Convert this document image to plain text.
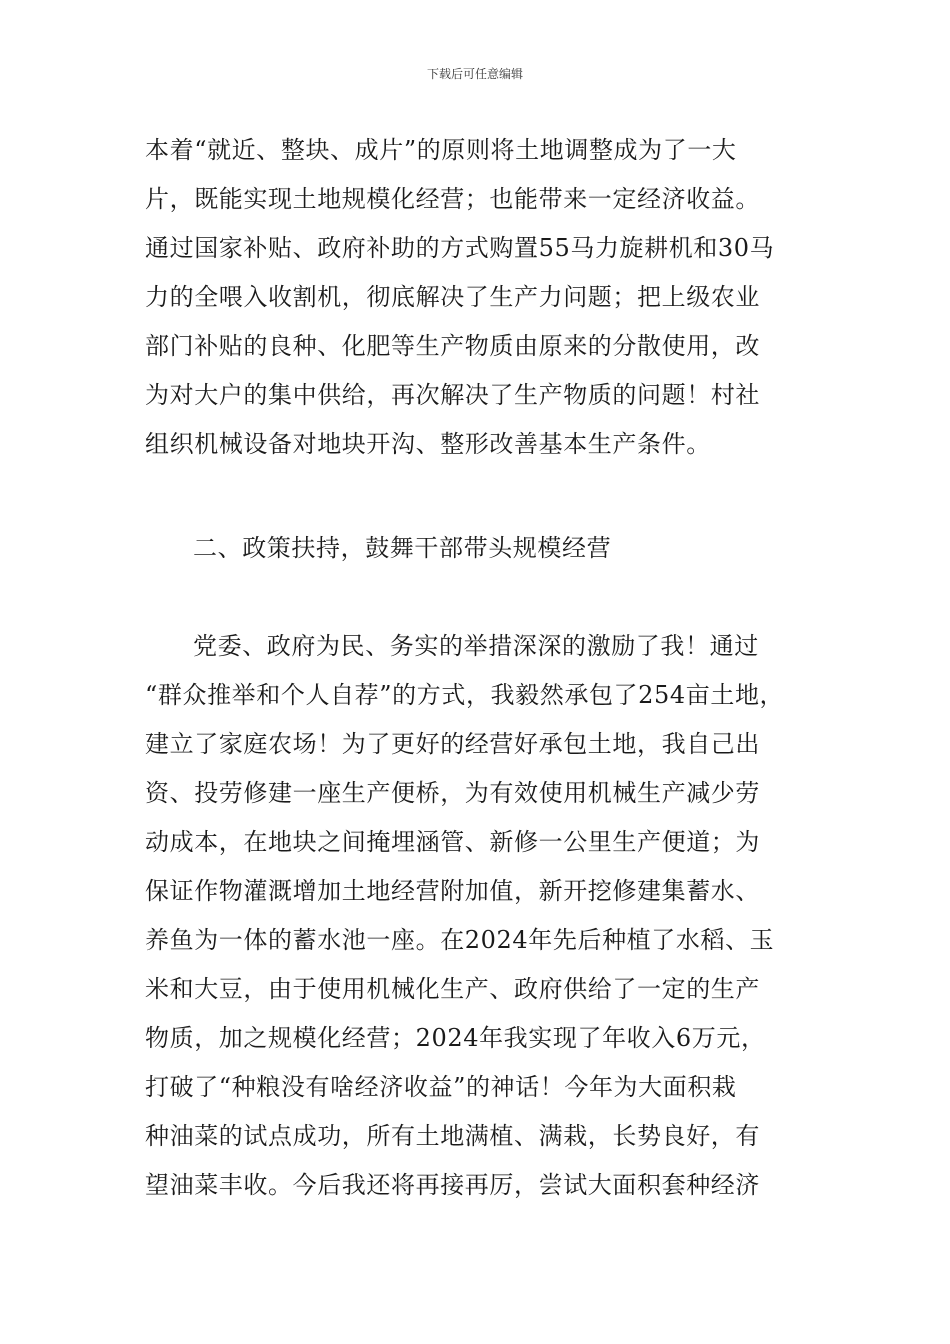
下载后可任意编辑
本着“就近、整块、成片”的原则将土地调整成为了一大
片，既能实现土地规模化经营；也能带来一定经济收益。
通过国家补贴、政府补助的方式购置55马力旋耕机和30马
力的全喂入收割机，彻底解决了生产力问题；把上级农业
部门补贴的良种、化肥等生产物质由原来的分散使用，改
为对大户的集中供给，再次解决了生产物质的问题！村社
组织机械设备对地块开沟、整形改善基本生产条件。
二、政策扶持，鼓舞干部带头规模经营
党委、政府为民、务实的举措深深的激励了我！通过
“群众推举和个人自荐”的方式，我毅然承包了254亩土地，
建立了家庭农场！为了更好的经营好承包土地，我自己出
资、投劳修建一座生产便桥，为有效使用机械生产减少劳
动成本，在地块之间掩埋涵管、新修一公里生产便道；为
保证作物灌溉增加土地经营附加值，新开挖修建集蓄水、
养鱼为一体的蓄水池一座。在2024年先后种植了水稻、玉
米和大豆，由于使用机械化生产、政府供给了一定的生产
物质，加之规模化经营；2024年我实现了年收入6万元，
打破了“种粮没有啥经济收益”的神话！今年为大面积栽
种油菜的试点成功，所有土地满植、满栽，长势良好，有
望油菜丰收。今后我还将再接再厉，尝试大面积套种经济
